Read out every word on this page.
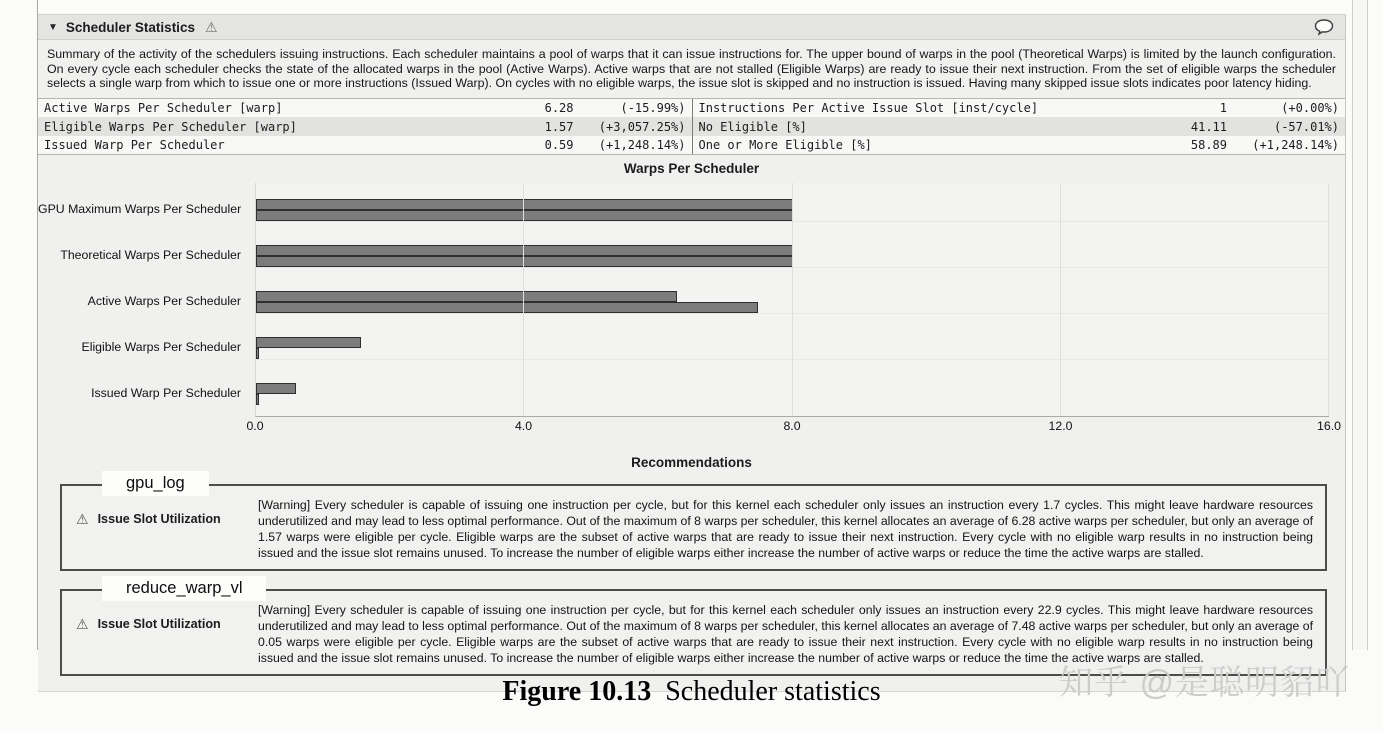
▼ Scheduler Statistics ⚠

Summary of the activity of the schedulers issuing instructions. Each scheduler maintains a pool of warps that it can issue instructions for. The upper bound of warps in the pool (Theoretical Warps) is limited by the launch configuration. On every cycle each scheduler checks the state of the allocated warps in the pool (Active Warps). Active warps that are not stalled (Eligible Warps) are ready to issue their next instruction. From the set of eligible warps the scheduler selects a single warp from which to issue one or more instructions (Issued Warp). On cycles with no eligible warps, the issue slot is skipped and no instruction is issued. Having many skipped issue slots indicates poor latency hiding.

Active Warps Per Scheduler [warp]	6.28	(-15.99%)
Eligible Warps Per Scheduler [warp]	1.57	(+3,057.25%)
Issued Warp Per Scheduler	0.59	(+1,248.14%)
Instructions Per Active Issue Slot [inst/cycle]	1	(+0.00%)
No Eligible [%]	41.11	(-57.01%)
One or More Eligible [%]	58.89	(+1,248.14%)
Warps Per Scheduler
GPU Maximum Warps Per Scheduler
Theoretical Warps Per Scheduler
Active Warps Per Scheduler
Eligible Warps Per Scheduler
Issued Warp Per Scheduler
0.0	4.0	8.0	12.0	16.0
Recommendations
gpu_log
⚠ Issue Slot Utilization
[Warning] Every scheduler is capable of issuing one instruction per cycle, but for this kernel each scheduler only issues an instruction every 1.7 cycles. This might leave hardware resources underutilized and may lead to less optimal performance. Out of the maximum of 8 warps per scheduler, this kernel allocates an average of 6.28 active warps per scheduler, but only an average of 1.57 warps were eligible per cycle. Eligible warps are the subset of active warps that are ready to issue their next instruction. Every cycle with no eligible warp results in no instruction being issued and the issue slot remains unused. To increase the number of eligible warps either increase the number of active warps or reduce the time the active warps are stalled.
reduce_warp_vl
⚠ Issue Slot Utilization
[Warning] Every scheduler is capable of issuing one instruction per cycle, but for this kernel each scheduler only issues an instruction every 22.9 cycles. This might leave hardware resources underutilized and may lead to less optimal performance. Out of the maximum of 8 warps per scheduler, this kernel allocates an average of 7.48 active warps per scheduler, but only an average of 0.05 warps were eligible per cycle. Eligible warps are the subset of active warps that are ready to issue their next instruction. Every cycle with no eligible warp results in no instruction being issued and the issue slot remains unused. To increase the number of eligible warps either increase the number of active warps or reduce the time the active warps are stalled.
Figure 10.13 Scheduler statistics	知乎 @是聪明貂吖
